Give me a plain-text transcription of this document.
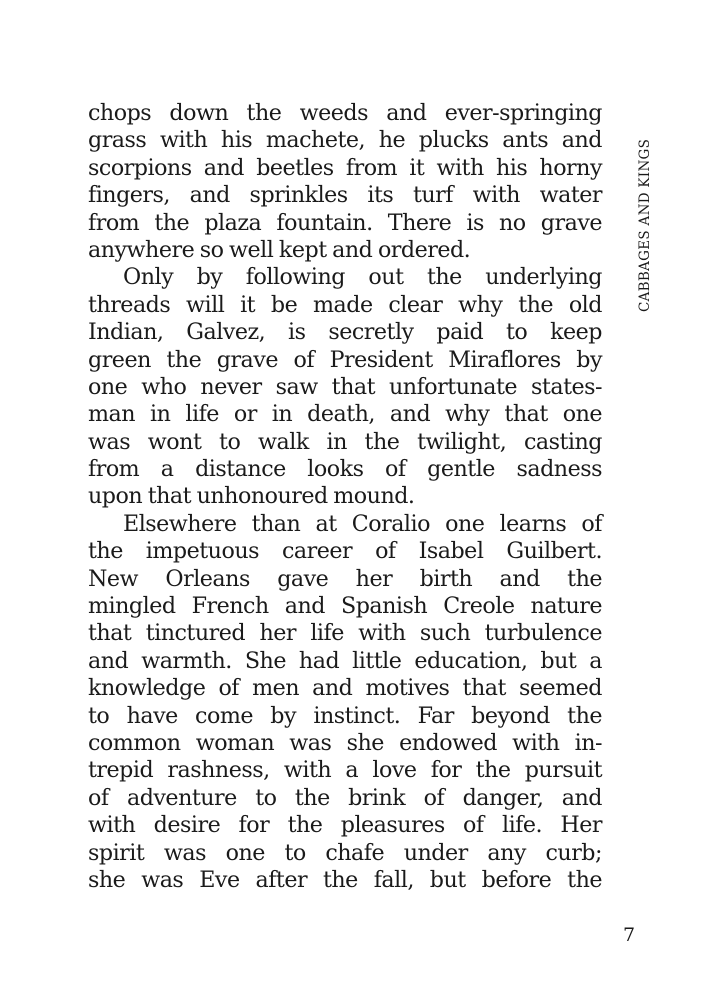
CABBAGES AND KINGS
chops down the weeds and ever-springing
grass with his machete, he plucks ants and
scorpions and beetles from it with his horny
fingers, and sprinkles its turf with water
from the plaza fountain. There is no grave
anywhere so well kept and ordered.
Only by following out the underlying
threads will it be made clear why the old
Indian, Galvez, is secretly paid to keep
green the grave of President Miraflores by
one who never saw that unfortunate states-
man in life or in death, and why that one
was wont to walk in the twilight, casting
from a distance looks of gentle sadness
upon that unhonoured mound.
Elsewhere than at Coralio one learns of
the impetuous career of Isabel Guilbert.
New Orleans gave her birth and the
mingled French and Spanish Creole nature
that tinctured her life with such turbulence
and warmth. She had little education, but a
knowledge of men and motives that seemed
to have come by instinct. Far beyond the
common woman was she endowed with in-
trepid rashness, with a love for the pursuit
of adventure to the brink of danger, and
with desire for the pleasures of life. Her
spirit was one to chafe under any curb;
she was Eve after the fall, but before the
7
